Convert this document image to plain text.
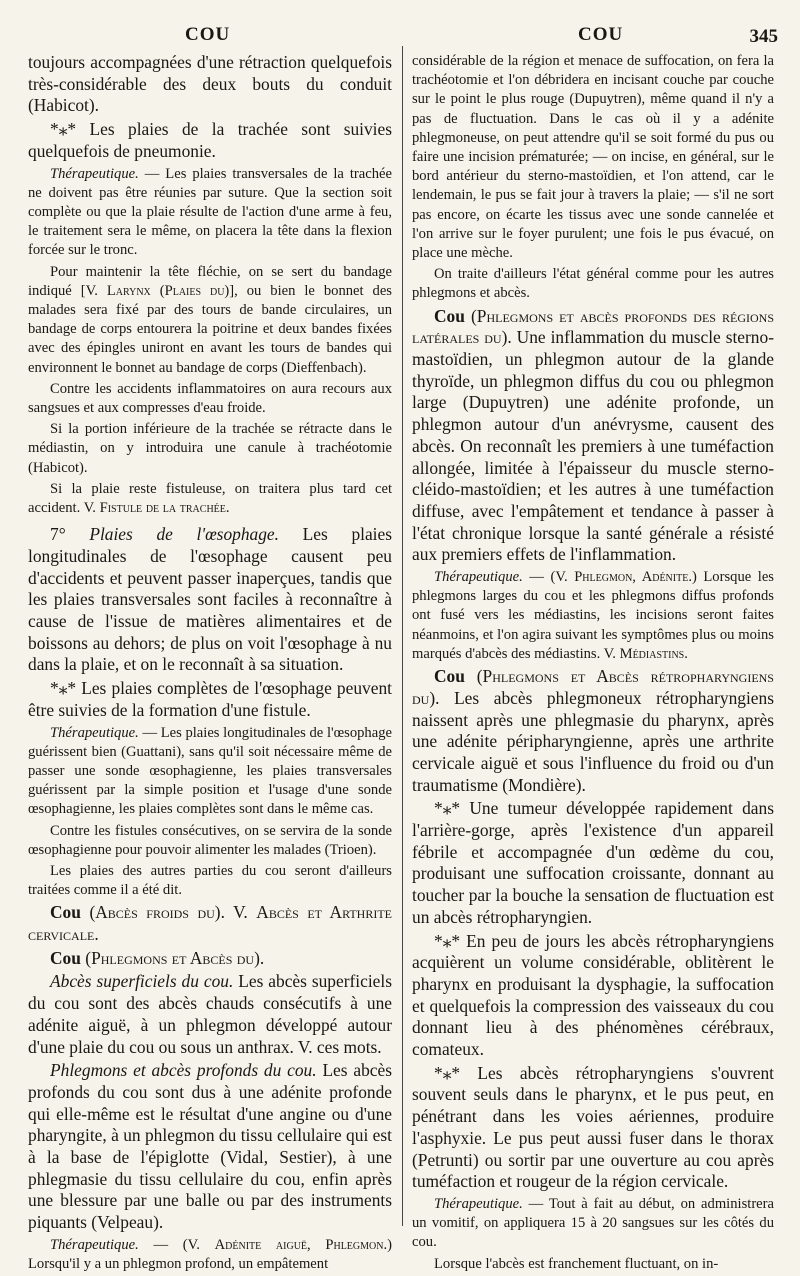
COU	COU	345

toujours accompagnées d'une rétraction quelquefois très-considérable des deux bouts du conduit (Habicot).

*⁎* Les plaies de la trachée sont suivies quelquefois de pneumonie.

Thérapeutique. — Les plaies transversales de la trachée ne doivent pas être réunies par suture. Que la section soit complète ou que la plaie résulte de l'action d'une arme à feu, le traitement sera le même, on placera la tête dans la flexion forcée sur le tronc.

Pour maintenir la tête fléchie, on se sert du bandage indiqué [V. Larynx (Plaies du)], ou bien le bonnet des malades sera fixé par des tours de bande circulaires, un bandage de corps entourera la poitrine et deux bandes fixées avec des épingles uniront en avant les tours de bandes qui environnent le bonnet au bandage de corps (Dieffenbach).

Contre les accidents inflammatoires on aura recours aux sangsues et aux compresses d'eau froide.

Si la portion inférieure de la trachée se rétracte dans le médiastin, on y introduira une canule à trachéotomie (Habicot).

Si la plaie reste fistuleuse, on traitera plus tard cet accident. V. Fistule de la trachée.

7° Plaies de l'œsophage. Les plaies longitudinales de l'œsophage causent peu d'accidents et peuvent passer inaperçues, tandis que les plaies transversales sont faciles à reconnaître à cause de l'issue de matières alimentaires et de boissons au dehors; de plus on voit l'œsophage à nu dans la plaie, et on le reconnaît à sa situation.

*⁎* Les plaies complètes de l'œsophage peuvent être suivies de la formation d'une fistule.

Thérapeutique. — Les plaies longitudinales de l'œsophage guérissent bien (Guattani), sans qu'il soit nécessaire même de passer une sonde œsophagienne, les plaies transversales guérissent par la simple position et l'usage d'une sonde œsophagienne, les plaies complètes sont dans le même cas.

Contre les fistules consécutives, on se servira de la sonde œsophagienne pour pouvoir alimenter les malades (Trioen).

Les plaies des autres parties du cou seront d'ailleurs traitées comme il a été dit.

Cou (Abcès froids du). V. Abcès et Arthrite cervicale.

Cou (Phlegmons et Abcès du).

Abcès superficiels du cou. Les abcès superficiels du cou sont des abcès chauds consécutifs à une adénite aiguë, à un phlegmon développé autour d'une plaie du cou ou sous un anthrax. V. ces mots.

Phlegmons et abcès profonds du cou. Les abcès profonds du cou sont dus à une adénite profonde qui elle-même est le résultat d'une angine ou d'une pharyngite, à un phlegmon du tissu cellulaire qui est à la base de l'épiglotte (Vidal, Sestier), à une phlegmasie du tissu cellulaire du cou, enfin après une blessure par une balle ou par des instruments piquants (Velpeau).

Thérapeutique. — (V. Adénite aiguë, Phlegmon.) Lorsqu'il y a un phlegmon profond, un empâtement

considérable de la région et menace de suffocation, on fera la trachéotomie et l'on débridera en incisant couche par couche sur le point le plus rouge (Dupuytren), même quand il n'y a pas de fluctuation. Dans le cas où il y a adénite phlegmoneuse, on peut attendre qu'il se soit formé du pus ou faire une incision prématurée; — on incise, en général, sur le bord antérieur du sterno-mastoïdien, et l'on attend, car le lendemain, le pus se fait jour à travers la plaie; — s'il ne sort pas encore, on écarte les tissus avec une sonde cannelée et l'on arrive sur le foyer purulent; une fois le pus évacué, on place une mèche.

On traite d'ailleurs l'état général comme pour les autres phlegmons et abcès.

Cou (Phlegmons et abcès profonds des régions latérales du). Une inflammation du muscle sterno-mastoïdien, un phlegmon autour de la glande thyroïde, un phlegmon diffus du cou ou phlegmon large (Dupuytren) une adénite profonde, un phlegmon autour d'un anévrysme, causent des abcès. On reconnaît les premiers à une tuméfaction allongée, limitée à l'épaisseur du muscle sterno-cléido-mastoïdien; et les autres à une tuméfaction diffuse, avec l'empâtement et tendance à passer à l'état chronique lorsque la santé générale a résisté aux premiers effets de l'inflammation.

Thérapeutique. — (V. Phlegmon, Adénite.) Lorsque les phlegmons larges du cou et les phlegmons diffus profonds ont fusé vers les médiastins, les incisions seront faites néanmoins, et l'on agira suivant les symptômes plus ou moins marqués d'abcès des médiastins. V. Médiastins.

Cou (Phlegmons et Abcès rétropharyngiens du). Les abcès phlegmoneux rétropharyngiens naissent après une phlegmasie du pharynx, après une adénite péripharyngienne, après une arthrite cervicale aiguë et sous l'influence du froid ou d'un traumatisme (Mondière).

*⁎* Une tumeur développée rapidement dans l'arrière-gorge, après l'existence d'un appareil fébrile et accompagnée d'un œdème du cou, produisant une suffocation croissante, donnant au toucher par la bouche la sensation de fluctuation est un abcès rétropharyngien.

*⁎* En peu de jours les abcès rétropharyngiens acquièrent un volume considérable, oblitèrent le pharynx en produisant la dysphagie, la suffocation et quelquefois la compression des vaisseaux du cou donnant lieu à des phénomènes cérébraux, comateux.

*⁎* Les abcès rétropharyngiens s'ouvrent souvent seuls dans le pharynx, et le pus peut, en pénétrant dans les voies aériennes, produire l'asphyxie. Le pus peut aussi fuser dans le thorax (Petrunti) ou sortir par une ouverture au cou après tuméfaction et rougeur de la région cervicale.

Thérapeutique. — Tout à fait au début, on administrera un vomitif, on appliquera 15 à 20 sangsues sur les côtés du cou.

Lorsque l'abcès est franchement fluctuant, on in-
